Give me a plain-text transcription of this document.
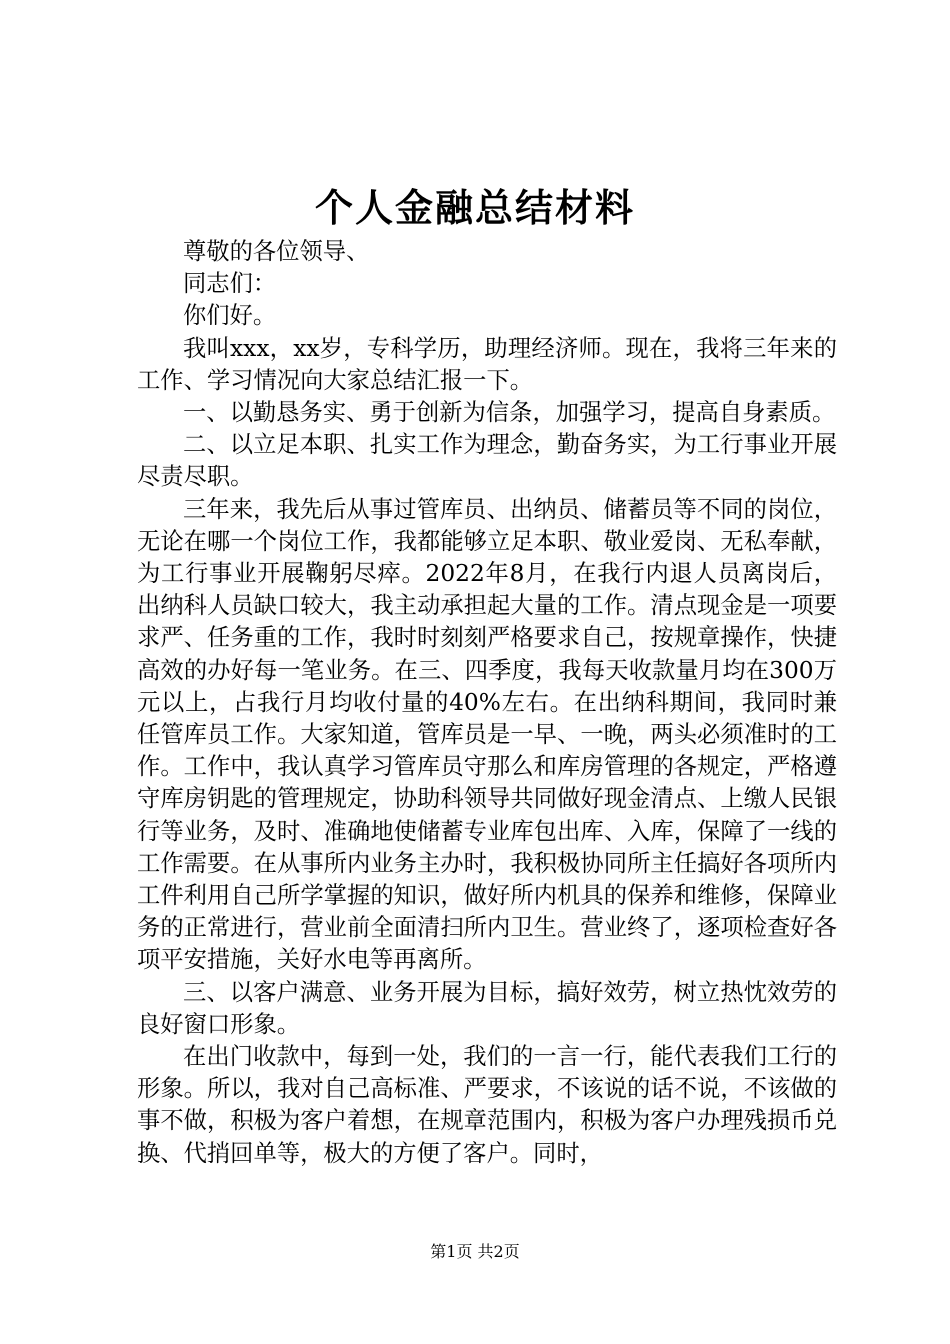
个人金融总结材料

尊敬的各位领导、

同志们：

你们好。

我叫xxx，xx岁，专科学历，助理经济师。现在，我将三年来的工作、学习情况向大家总结汇报一下。

一、以勤恳务实、勇于创新为信条，加强学习，提高自身素质。

二、以立足本职、扎实工作为理念，勤奋务实，为工行事业开展尽责尽职。

三年来，我先后从事过管库员、出纳员、储蓄员等不同的岗位，无论在哪一个岗位工作，我都能够立足本职、敬业爱岗、无私奉献，为工行事业开展鞠躬尽瘁。2022年8月，在我行内退人员离岗后，出纳科人员缺口较大，我主动承担起大量的工作。清点现金是一项要求严、任务重的工作，我时时刻刻严格要求自己，按规章操作，快捷高效的办好每一笔业务。在三、四季度，我每天收款量月均在300万元以上，占我行月均收付量的40%左右。在出纳科期间，我同时兼任管库员工作。大家知道，管库员是一早、一晚，两头必须准时的工作。工作中，我认真学习管库员守那么和库房管理的各规定，严格遵守库房钥匙的管理规定，协助科领导共同做好现金清点、上缴人民银行等业务，及时、准确地使储蓄专业库包出库、入库，保障了一线的工作需要。在从事所内业务主办时，我积极协同所主任搞好各项所内工件利用自己所学掌握的知识，做好所内机具的保养和维修，保障业务的正常进行，营业前全面清扫所内卫生。营业终了，逐项检查好各项平安措施，关好水电等再离所。

三、以客户满意、业务开展为目标，搞好效劳，树立热忱效劳的良好窗口形象。

在出门收款中，每到一处，我们的一言一行，能代表我们工行的形象。所以，我对自己高标准、严要求，不该说的话不说，不该做的事不做，积极为客户着想，在规章范围内，积极为客户办理残损币兑换、代捎回单等，极大的方便了客户。同时，

第1页 共2页
